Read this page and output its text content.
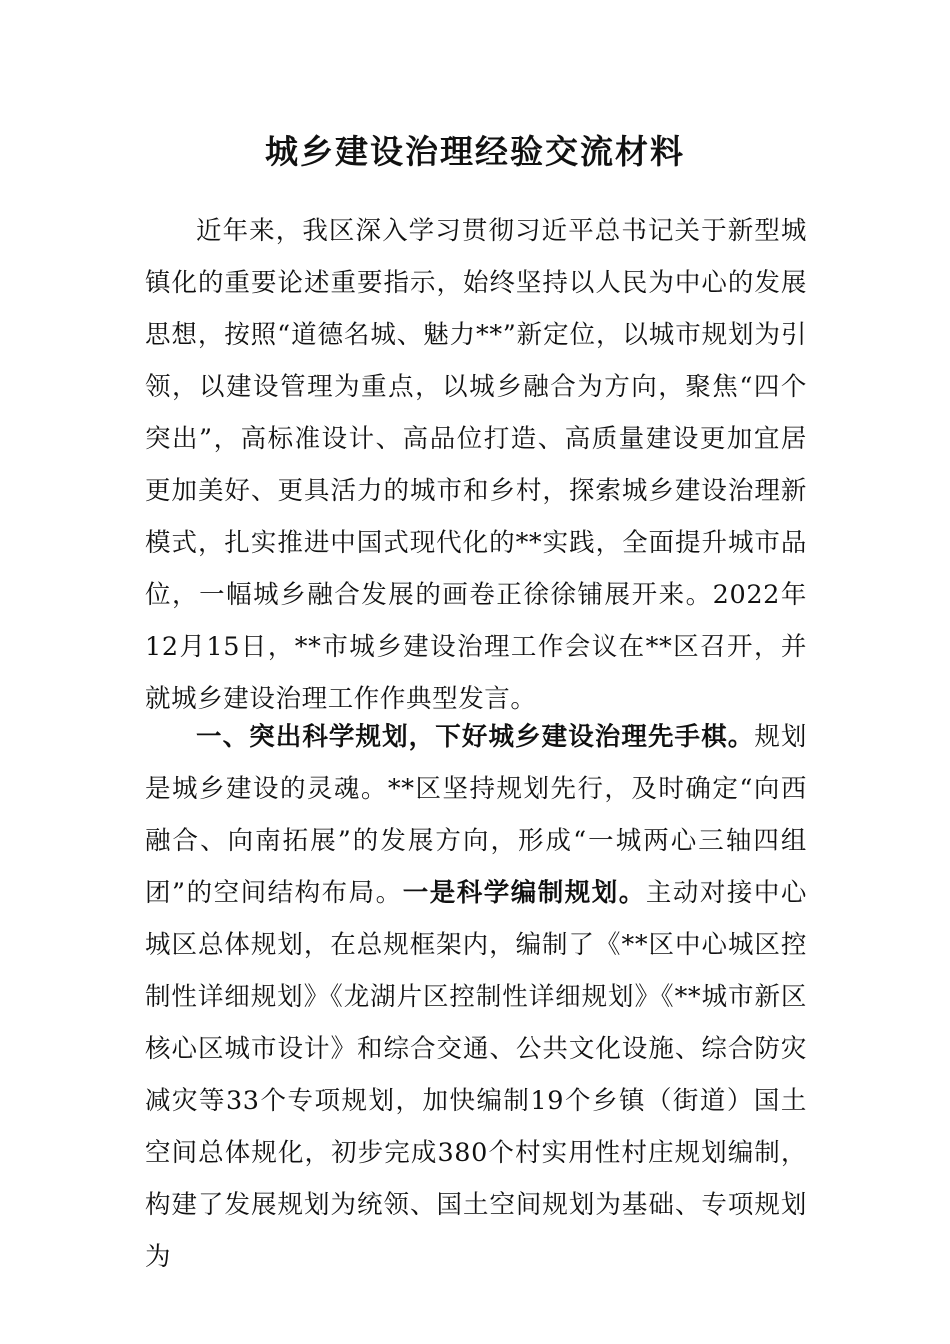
城乡建设治理经验交流材料

近年来，我区深入学习贯彻习近平总书记关于新型城镇化的重要论述重要指示，始终坚持以人民为中心的发展思想，按照“道德名城、魅力**”新定位，以城市规划为引领，以建设管理为重点，以城乡融合为方向，聚焦“四个突出”，高标准设计、高品位打造、高质量建设更加宜居更加美好、更具活力的城市和乡村，探索城乡建设治理新模式，扎实推进中国式现代化的**实践，全面提升城市品位，一幅城乡融合发展的画卷正徐徐铺展开来。2022年12月15日，**市城乡建设治理工作会议在**区召开，并就城乡建设治理工作作典型发言。

一、突出科学规划，下好城乡建设治理先手棋。规划是城乡建设的灵魂。**区坚持规划先行，及时确定“向西融合、向南拓展”的发展方向，形成“一城两心三轴四组团”的空间结构布局。一是科学编制规划。主动对接中心城区总体规划，在总规框架内，编制了《**区中心城区控制性详细规划》《龙湖片区控制性详细规划》《**城市新区核心区城市设计》和综合交通、公共文化设施、综合防灾减灾等33个专项规划，加快编制19个乡镇（街道）国土空间总体规化，初步完成380个村实用性村庄规划编制，构建了发展规划为统领、国土空间规划为基础、专项规划为
